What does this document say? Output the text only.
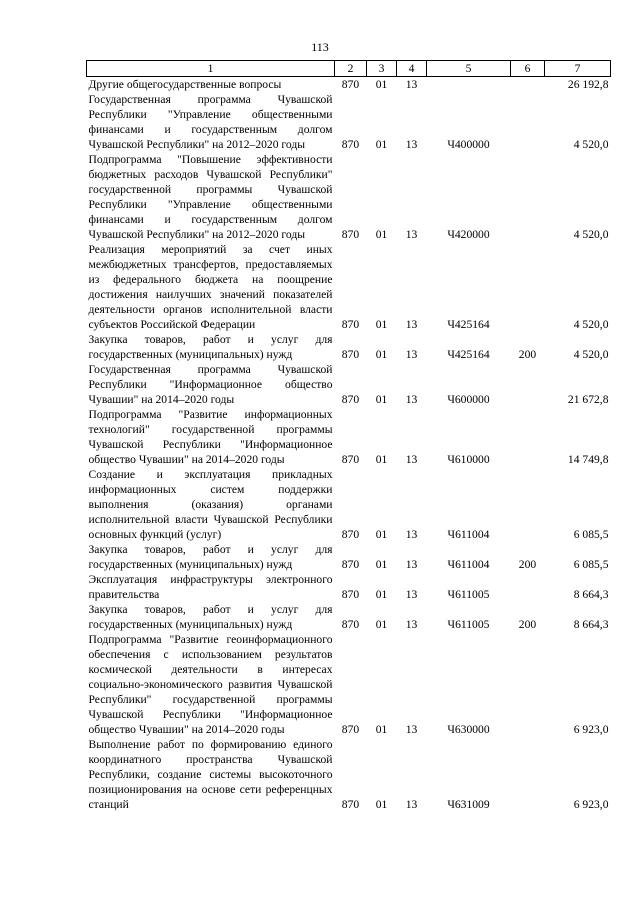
113
1	2	3	4	5	6	7
Другие общегосударственные вопросы	870	01	13			26 192,8
Государственная программа Чувашской Республики "Управление общественными финансами и государственным долгом Чувашской Республики" на 2012–2020 годы	870	01	13	Ч400000		4 520,0
Подпрограмма "Повышение эффективности бюджетных расходов Чувашской Республики" государственной программы Чувашской Республики "Управление общественными финансами и государственным долгом Чувашской Республики" на 2012–2020 годы	870	01	13	Ч420000		4 520,0
Реализация мероприятий за счет иных межбюджетных трансфертов, предоставляемых из федерального бюджета на поощрение достижения наилучших значений показателей деятельности органов исполнительной власти субъектов Российской Федерации	870	01	13	Ч425164		4 520,0
Закупка товаров, работ и услуг для государственных (муниципальных) нужд	870	01	13	Ч425164	200	4 520,0
Государственная программа Чувашской Республики "Информационное общество Чувашии" на 2014–2020 годы	870	01	13	Ч600000		21 672,8
Подпрограмма "Развитие информационных технологий" государственной программы Чувашской Республики "Информационное общество Чувашии" на 2014–2020 годы	870	01	13	Ч610000		14 749,8
Создание и эксплуатация прикладных информационных систем поддержки выполнения (оказания) органами исполнительной власти Чувашской Республики основных функций (услуг)	870	01	13	Ч611004		6 085,5
Закупка товаров, работ и услуг для государственных (муниципальных) нужд	870	01	13	Ч611004	200	6 085,5
Эксплуатация инфраструктуры электронного правительства	870	01	13	Ч611005		8 664,3
Закупка товаров, работ и услуг для государственных (муниципальных) нужд	870	01	13	Ч611005	200	8 664,3
Подпрограмма "Развитие геоинформационного обеспечения с использованием результатов космической деятельности в интересах социально-экономического развития Чувашской Республики" государственной программы Чувашской Республики "Информационное общество Чувашии" на 2014–2020 годы	870	01	13	Ч630000		6 923,0
Выполнение работ по формированию единого координатного пространства Чувашской Республики, создание системы высокоточного позиционирования на основе сети референцных станций	870	01	13	Ч631009		6 923,0
